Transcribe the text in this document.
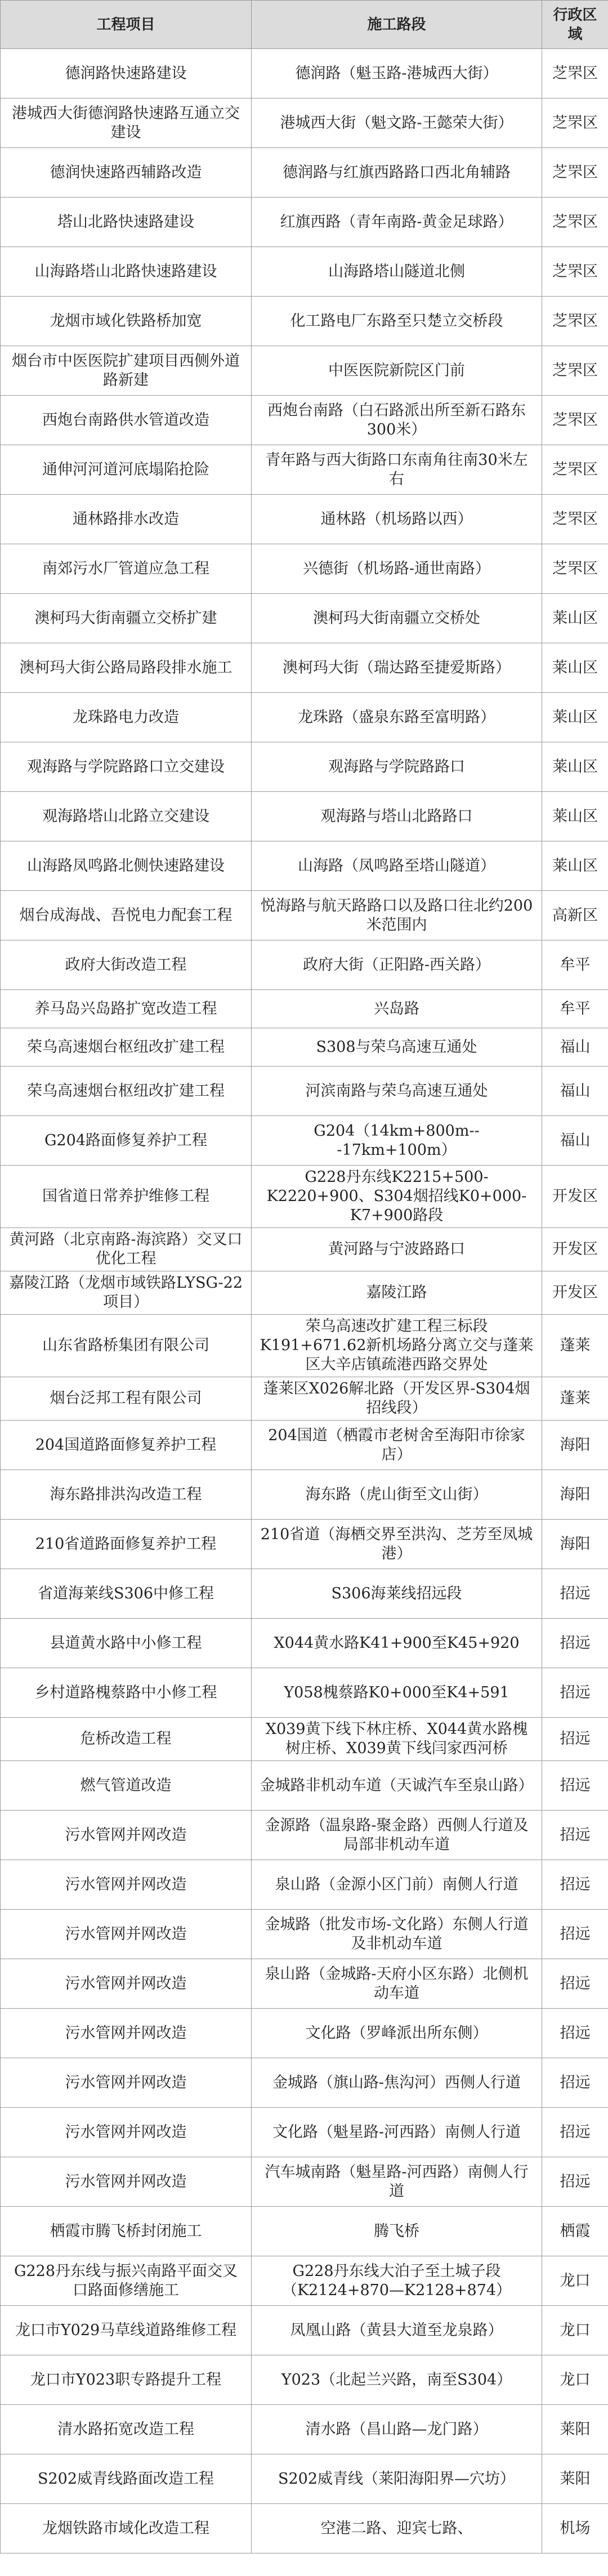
工程项目	施工路段	行政区域
德润路快速路建设	德润路（魁玉路-港城西大街）	芝罘区
港城西大街德润路快速路互通立交建设	港城西大街（魁文路-王懿荣大街）	芝罘区
德润快速路西辅路改造	德润路与红旗西路路口西北角辅路	芝罘区
塔山北路快速路建设	红旗西路（青年南路-黄金足球路）	芝罘区
山海路塔山北路快速路建设	山海路塔山隧道北侧	芝罘区
龙烟市域化铁路桥加宽	化工路电厂东路至只楚立交桥段	芝罘区
烟台市中医医院扩建项目西侧外道路新建	中医医院新院区门前	芝罘区
西炮台南路供水管道改造	西炮台南路（白石路派出所至新石路东300米）	芝罘区
通伸河河道河底塌陷抢险	青年路与西大街路口东南角往南30米左右	芝罘区
通林路排水改造	通林路（机场路以西）	芝罘区
南郊污水厂管道应急工程	兴德街（机场路-通世南路）	芝罘区
澳柯玛大街南疆立交桥扩建	澳柯玛大街南疆立交桥处	莱山区
澳柯玛大街公路局路段排水施工	澳柯玛大街（瑞达路至捷爱斯路）	莱山区
龙珠路电力改造	龙珠路（盛泉东路至富明路）	莱山区
观海路与学院路路口立交建设	观海路与学院路路口	莱山区
观海路塔山北路立交建设	观海路与塔山北路路口	莱山区
山海路凤鸣路北侧快速路建设	山海路（凤鸣路至塔山隧道）	莱山区
烟台成海战、吾悦电力配套工程	悦海路与航天路路口以及路口往北约200米范围内	高新区
政府大街改造工程	政府大街（正阳路-西关路）	牟平
养马岛兴岛路扩宽改造工程	兴岛路	牟平
荣乌高速烟台枢纽改扩建工程	S308与荣乌高速互通处	福山
荣乌高速烟台枢纽改扩建工程	河滨南路与荣乌高速互通处	福山
G204路面修复养护工程	G204（14km+800m---17km+100m）	福山
国省道日常养护维修工程	G228丹东线K2215+500-K2220+900、S304烟招线K0+000-K7+900路段	开发区
黄河路（北京南路-海滨路）交叉口优化工程	黄河路与宁波路路口	开发区
嘉陵江路（龙烟市域铁路LYSG-22项目）	嘉陵江路	开发区
山东省路桥集团有限公司	荣乌高速改扩建工程三标段K191+671.62新机场路分离立交与蓬莱区大辛店镇疏港西路交界处	蓬莱
烟台泛邦工程有限公司	蓬莱区X026解北路（开发区界-S304烟招线段）	蓬莱
204国道路面修复养护工程	204国道（栖霞市老树舍至海阳市徐家店）	海阳
海东路排洪沟改造工程	海东路（虎山街至文山街）	海阳
210省道路面修复养护工程	210省道（海栖交界至洪沟、芝芳至凤城港）	海阳
省道海莱线S306中修工程	S306海莱线招远段	招远
县道黄水路中小修工程	X044黄水路K41+900至K45+920	招远
乡村道路槐蔡路中小修工程	Y058槐蔡路K0+000至K4+591	招远
危桥改造工程	X039黄下线下林庄桥、X044黄水路槐树庄桥、X039黄下线闫家西河桥	招远
燃气管道改造	金城路非机动车道（天诚汽车至泉山路）	招远
污水管网并网改造	金源路（温泉路-聚金路）西侧人行道及局部非机动车道	招远
污水管网并网改造	泉山路（金源小区门前）南侧人行道	招远
污水管网并网改造	金城路（批发市场-文化路）东侧人行道及非机动车道	招远
污水管网并网改造	泉山路（金城路-天府小区东路）北侧机动车道	招远
污水管网并网改造	文化路（罗峰派出所东侧）	招远
污水管网并网改造	金城路（旗山路-焦沟河）西侧人行道	招远
污水管网并网改造	文化路（魁星路-河西路）南侧人行道	招远
污水管网并网改造	汽车城南路（魁星路-河西路）南侧人行道	招远
栖霞市腾飞桥封闭施工	腾飞桥	栖霞
G228丹东线与振兴南路平面交叉口路面修缮施工	G228丹东线大泊子至土城子段（K2124+870—K2128+874）	龙口
龙口市Y029马草线道路维修工程	凤凰山路（黄县大道至龙泉路）	龙口
龙口市Y023职专路提升工程	Y023（北起兰兴路，南至S304）	龙口
清水路拓宽改造工程	清水路（昌山路—龙门路）	莱阳
S202威青线路面改造工程	S202威青线（莱阳海阳界—穴坊）	莱阳
龙烟铁路市域化改造工程	空港二路、迎宾七路、	机场
